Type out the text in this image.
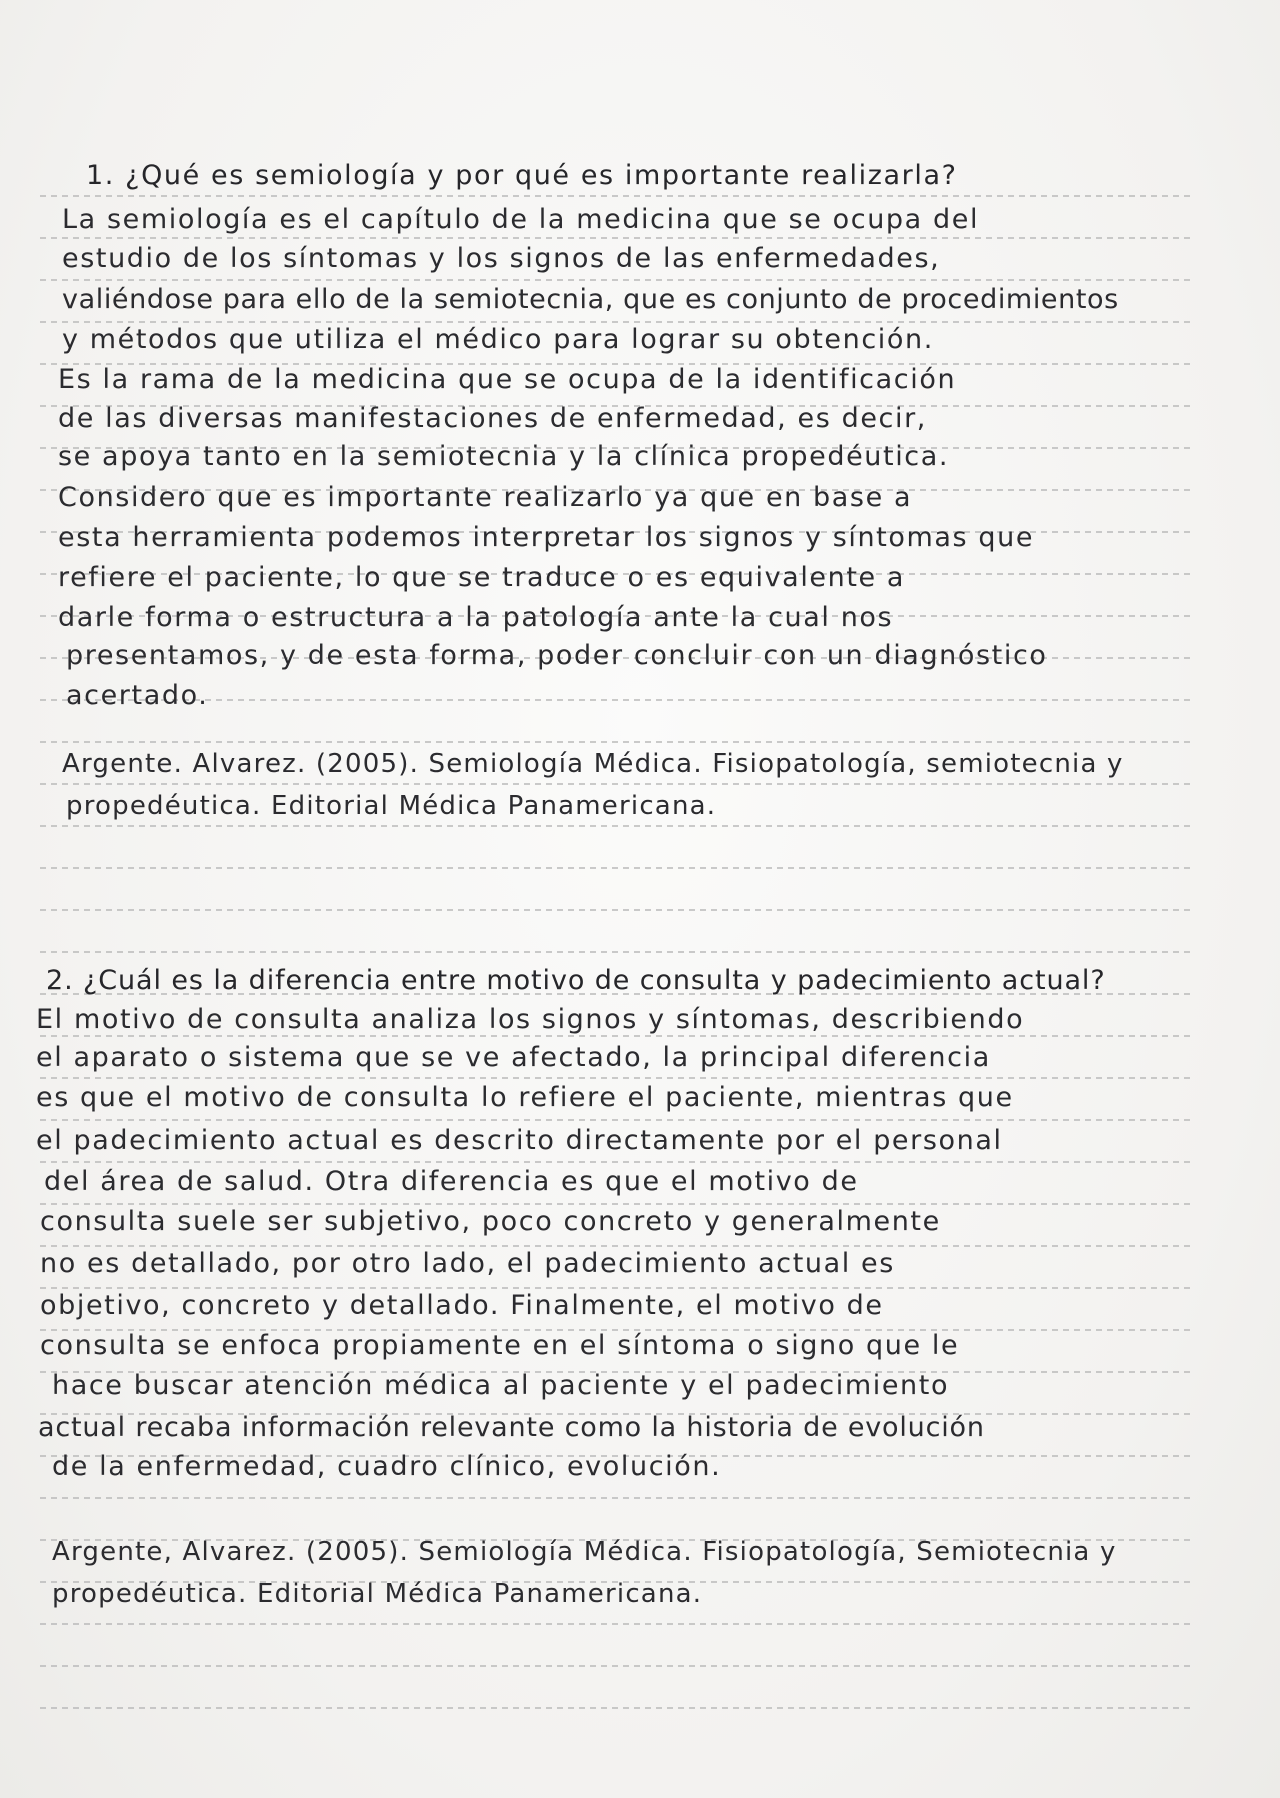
1. ¿Qué es semiología y por qué es importante realizarla?
La semiología es el capítulo de la medicina que se ocupa del
estudio de los síntomas y los signos de las enfermedades,
valiéndose para ello de la semiotecnia, que es conjunto de procedimientos
y métodos que utiliza el médico para lograr su obtención.
Es la rama de la medicina que se ocupa de la identificación
de las diversas manifestaciones de enfermedad, es decir,
se apoya tanto en la semiotecnia y la clínica propedéutica.
Considero que es importante realizarlo ya que en base a
esta herramienta podemos interpretar los signos y síntomas que
refiere el paciente, lo que se traduce o es equivalente a
darle forma o estructura a la patología ante la cual nos
presentamos, y de esta forma, poder concluir con un diagnóstico
acertado.
Argente. Alvarez. (2005). Semiología Médica. Fisiopatología, semiotecnia y
propedéutica. Editorial Médica Panamericana.
2. ¿Cuál es la diferencia entre motivo de consulta y padecimiento actual?
El motivo de consulta analiza los signos y síntomas, describiendo
el aparato o sistema que se ve afectado, la principal diferencia
es que el motivo de consulta lo refiere el paciente, mientras que
el padecimiento actual es descrito directamente por el personal
del área de salud. Otra diferencia es que el motivo de
consulta suele ser subjetivo, poco concreto y generalmente
no es detallado, por otro lado, el padecimiento actual es
objetivo, concreto y detallado. Finalmente, el motivo de
consulta se enfoca propiamente en el síntoma o signo que le
hace buscar atención médica al paciente y el padecimiento
actual recaba información relevante como la historia de evolución
de la enfermedad, cuadro clínico, evolución.
Argente, Alvarez. (2005). Semiología Médica. Fisiopatología, Semiotecnia y
propedéutica. Editorial Médica Panamericana.
